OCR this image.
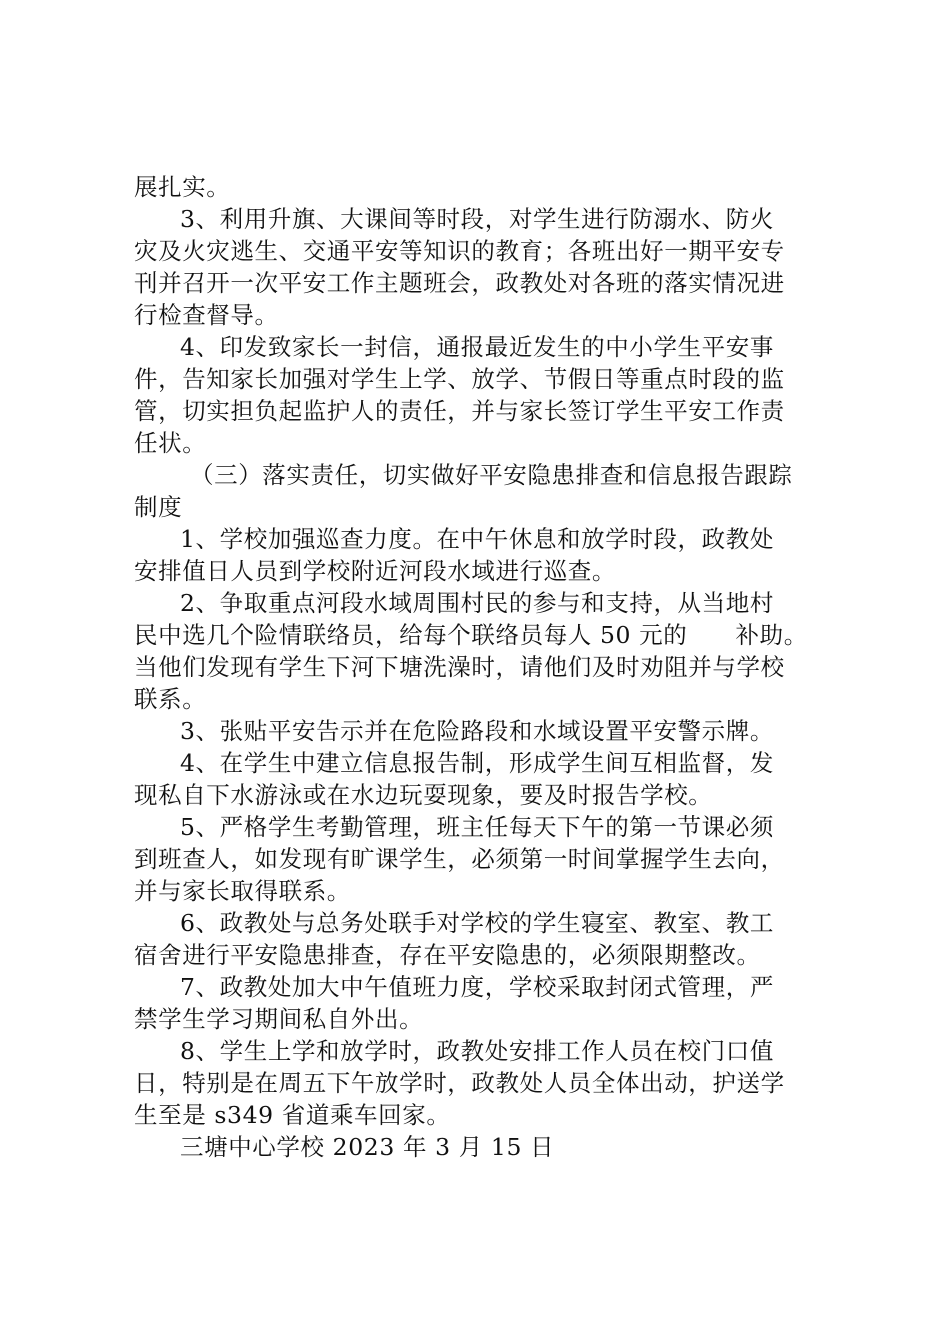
展扎实。
3、利用升旗、大课间等时段，对学生进行防溺水、防火
灾及火灾逃生、交通平安等知识的教育；各班出好一期平安专
刊并召开一次平安工作主题班会，政教处对各班的落实情况进
行检查督导。
4、印发致家长一封信，通报最近发生的中小学生平安事
件，告知家长加强对学生上学、放学、节假日等重点时段的监
管，切实担负起监护人的责任，并与家长签订学生平安工作责
任状。
（三）落实责任，切实做好平安隐患排查和信息报告跟踪
制度
1、学校加强巡查力度。在中午休息和放学时段，政教处
安排值日人员到学校附近河段水域进行巡查。
2、争取重点河段水域周围村民的参与和支持，从当地村
民中选几个险情联络员，给每个联络员每人 50 元的　　补助。
当他们发现有学生下河下塘洗澡时，请他们及时劝阻并与学校
联系。
3、张贴平安告示并在危险路段和水域设置平安警示牌。
4、在学生中建立信息报告制，形成学生间互相监督，发
现私自下水游泳或在水边玩耍现象，要及时报告学校。
5、严格学生考勤管理，班主任每天下午的第一节课必须
到班查人，如发现有旷课学生，必须第一时间掌握学生去向，
并与家长取得联系。
6、政教处与总务处联手对学校的学生寝室、教室、教工
宿舍进行平安隐患排查，存在平安隐患的，必须限期整改。
7、政教处加大中午值班力度，学校采取封闭式管理，严
禁学生学习期间私自外出。
8、学生上学和放学时，政教处安排工作人员在校门口值
日，特别是在周五下午放学时，政教处人员全体出动，护送学
生至是 s349 省道乘车回家。
三塘中心学校 2023 年 3 月 15 日
